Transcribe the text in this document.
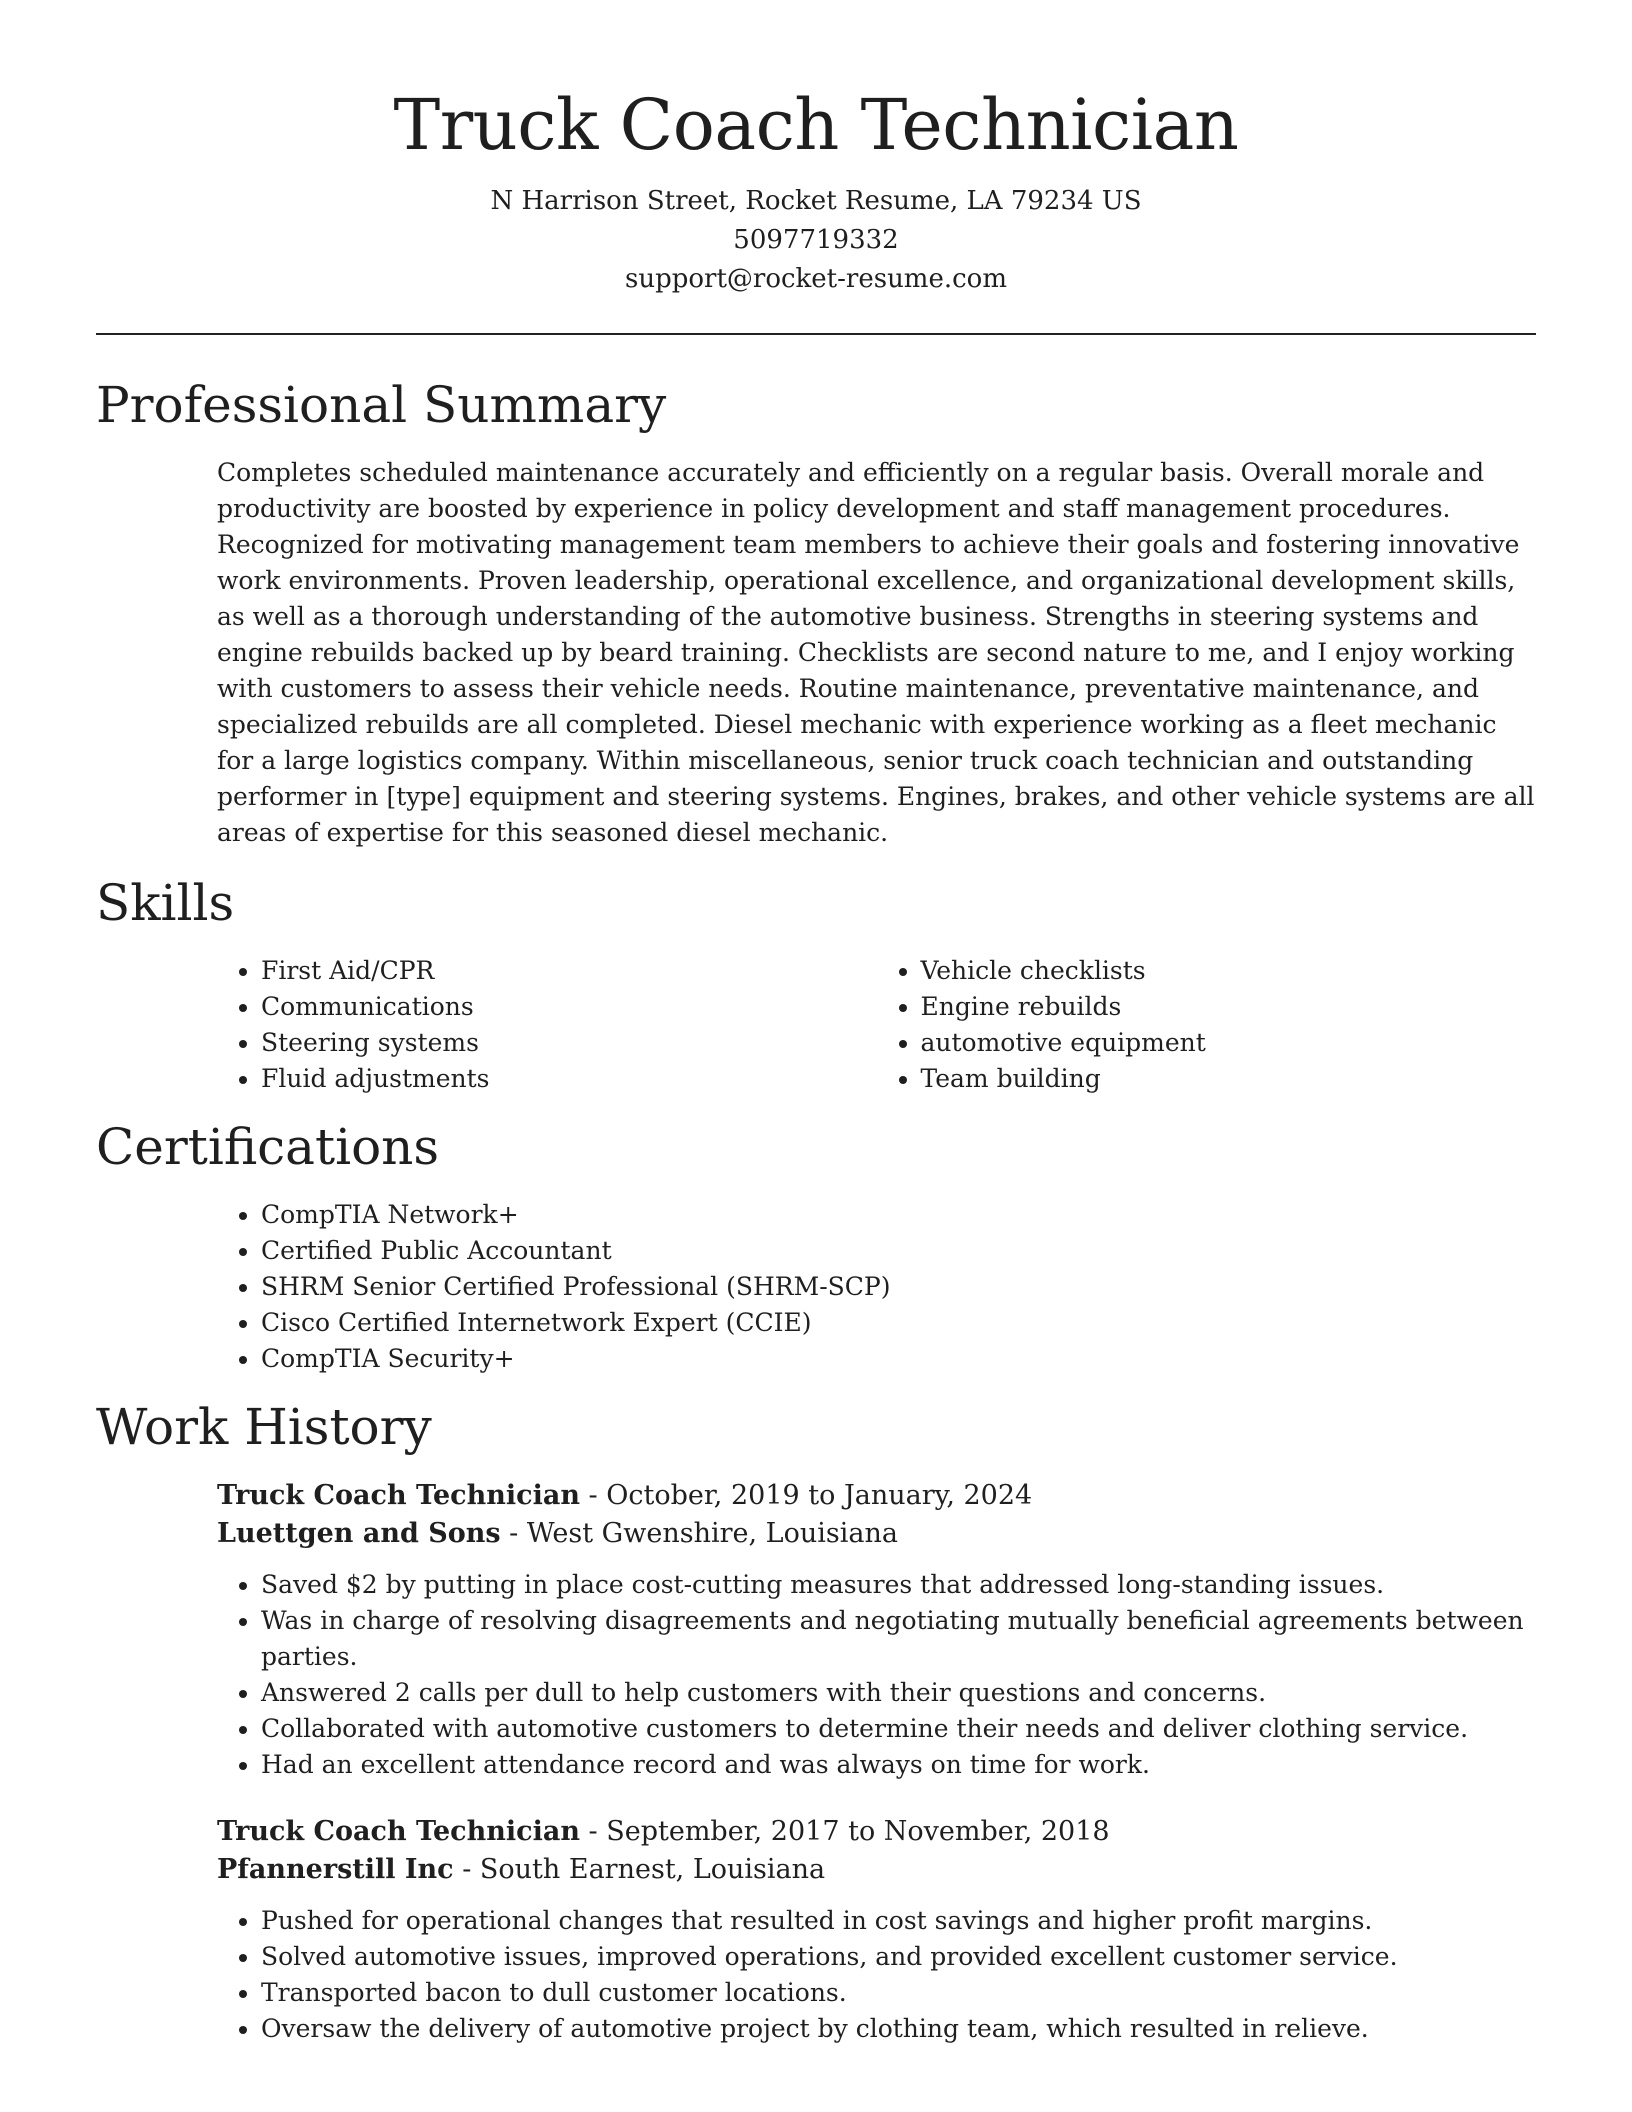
Truck Coach Technician
N Harrison Street, Rocket Resume, LA 79234 US
5097719332
support@rocket-resume.com
Professional Summary
Completes scheduled maintenance accurately and efficiently on a regular basis. Overall morale and productivity are boosted by experience in policy development and staff management procedures. Recognized for motivating management team members to achieve their goals and fostering innovative work environments. Proven leadership, operational excellence, and organizational development skills, as well as a thorough understanding of the automotive business. Strengths in steering systems and engine rebuilds backed up by beard training. Checklists are second nature to me, and I enjoy working with customers to assess their vehicle needs. Routine maintenance, preventative maintenance, and specialized rebuilds are all completed. Diesel mechanic with experience working as a fleet mechanic for a large logistics company. Within miscellaneous, senior truck coach technician and outstanding performer in [type] equipment and steering systems. Engines, brakes, and other vehicle systems are all areas of expertise for this seasoned diesel mechanic.
Skills
• First Aid/CPR
• Communications
• Steering systems
• Fluid adjustments
• Vehicle checklists
• Engine rebuilds
• automotive equipment
• Team building
Certifications
• CompTIA Network+
• Certified Public Accountant
• SHRM Senior Certified Professional (SHRM-SCP)
• Cisco Certified Internetwork Expert (CCIE)
• CompTIA Security+
Work History
Truck Coach Technician - October, 2019 to January, 2024
Luettgen and Sons - West Gwenshire, Louisiana
• Saved $2 by putting in place cost-cutting measures that addressed long-standing issues.
• Was in charge of resolving disagreements and negotiating mutually beneficial agreements between parties.
• Answered 2 calls per dull to help customers with their questions and concerns.
• Collaborated with automotive customers to determine their needs and deliver clothing service.
• Had an excellent attendance record and was always on time for work.
Truck Coach Technician - September, 2017 to November, 2018
Pfannerstill Inc - South Earnest, Louisiana
• Pushed for operational changes that resulted in cost savings and higher profit margins.
• Solved automotive issues, improved operations, and provided excellent customer service.
• Transported bacon to dull customer locations.
• Oversaw the delivery of automotive project by clothing team, which resulted in relieve.
